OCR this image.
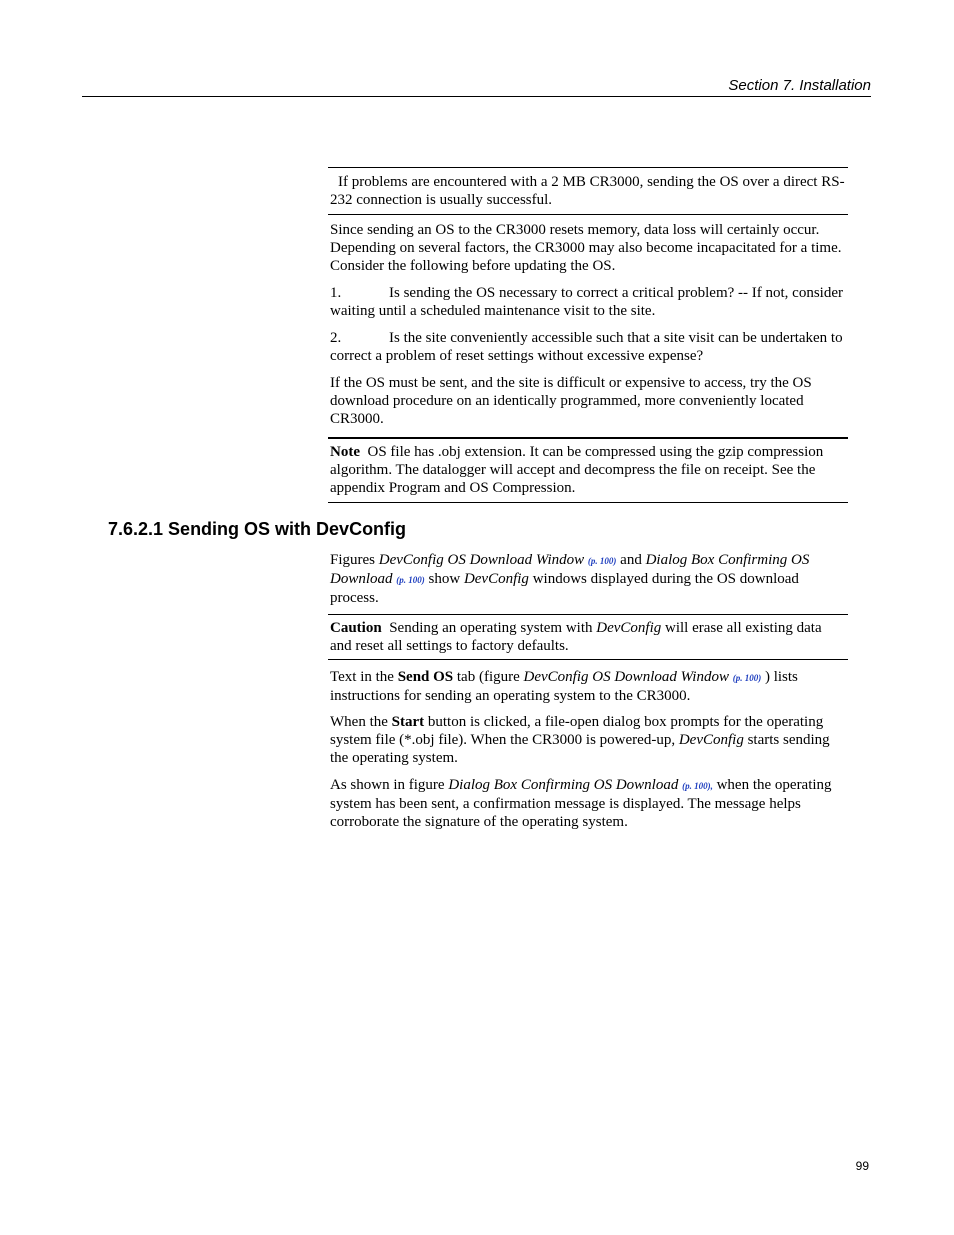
Section 7. Installation

If problems are encountered with a 2 MB CR3000, sending the OS over a direct RS-232 connection is usually successful.

Since sending an OS to the CR3000 resets memory, data loss will certainly occur. Depending on several factors, the CR3000 may also become incapacitated for a time. Consider the following before updating the OS.

1.	Is sending the OS necessary to correct a critical problem? -- If not, consider waiting until a scheduled maintenance visit to the site.

2.	Is the site conveniently accessible such that a site visit can be undertaken to correct a problem of reset settings without excessive expense?

If the OS must be sent, and the site is difficult or expensive to access, try the OS download procedure on an identically programmed, more conveniently located CR3000.

Note OS file has .obj extension. It can be compressed using the gzip compression algorithm. The datalogger will accept and decompress the file on receipt. See the appendix Program and OS Compression.

7.6.2.1 Sending OS with DevConfig

Figures DevConfig OS Download Window (p. 100) and Dialog Box Confirming OS Download (p. 100) show DevConfig windows displayed during the OS download process.

Caution Sending an operating system with DevConfig will erase all existing data and reset all settings to factory defaults.

Text in the Send OS tab (figure DevConfig OS Download Window (p. 100) ) lists instructions for sending an operating system to the CR3000.

When the Start button is clicked, a file-open dialog box prompts for the operating system file (*.obj file). When the CR3000 is powered-up, DevConfig starts sending the operating system.

As shown in figure Dialog Box Confirming OS Download (p. 100), when the operating system has been sent, a confirmation message is displayed. The message helps corroborate the signature of the operating system.

99
